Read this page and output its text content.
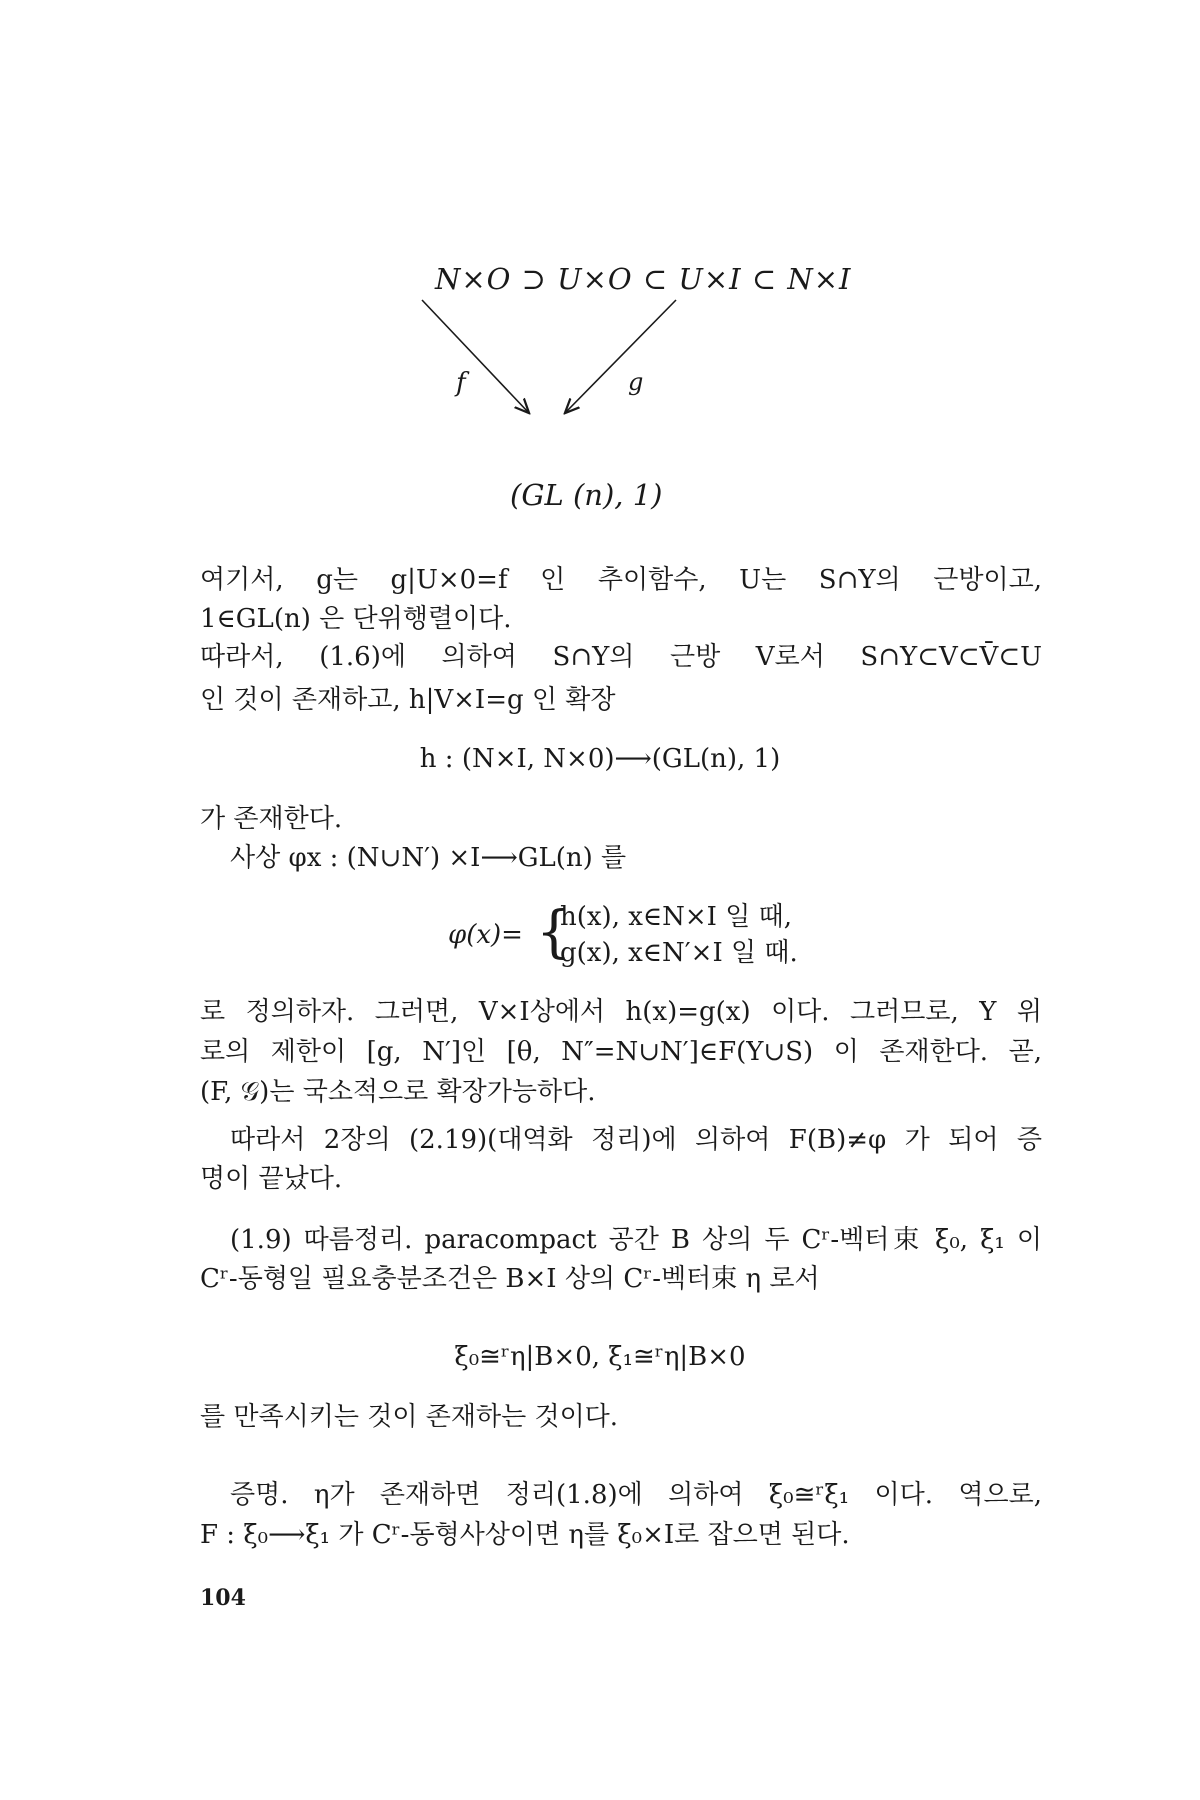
N×O ⊃ U×O ⊂ U×I ⊂ N×I
f	g
(GL (n), 1)
여기서, g는 g|U×0=f 인 추이함수, U는 S∩Y의 근방이고,
1∈GL(n) 은 단위행렬이다.
따라서, (1.6)에 의하여 S∩Y의 근방 V로서 S∩Y⊂V⊂V̄⊂U
인 것이 존재하고, h|V×I=g 인 확장
h : (N×I, N×0)⟶(GL(n), 1)
가 존재한다.
사상 φx : (N∪N′) ×I⟶GL(n) 를
φ(x)= {
h(x), x∈N×I 일 때,
g(x), x∈N′×I 일 때.
로 정의하자. 그러면, V×I상에서 h(x)=g(x) 이다. 그러므로, Y 위
로의 제한이 [g, N′]인 [θ, N″=N∪N′]∈F(Y∪S) 이 존재한다. 곧,
(F, 𝒢)는 국소적으로 확장가능하다.
따라서 2장의 (2.19)(대역화 정리)에 의하여 F(B)≠φ 가 되어 증
명이 끝났다.
(1.9) 따름정리. paracompact 공간 B 상의 두 Cʳ-벡터束 ξ₀, ξ₁ 이
Cʳ-동형일 필요충분조건은 B×I 상의 Cʳ-벡터束 η 로서
ξ₀≅ʳη|B×0, ξ₁≅ʳη|B×0
를 만족시키는 것이 존재하는 것이다.
증명. η가 존재하면 정리(1.8)에 의하여 ξ₀≅ʳξ₁ 이다. 역으로,
F : ξ₀⟶ξ₁ 가 Cʳ-동형사상이면 η를 ξ₀×I로 잡으면 된다.
104
